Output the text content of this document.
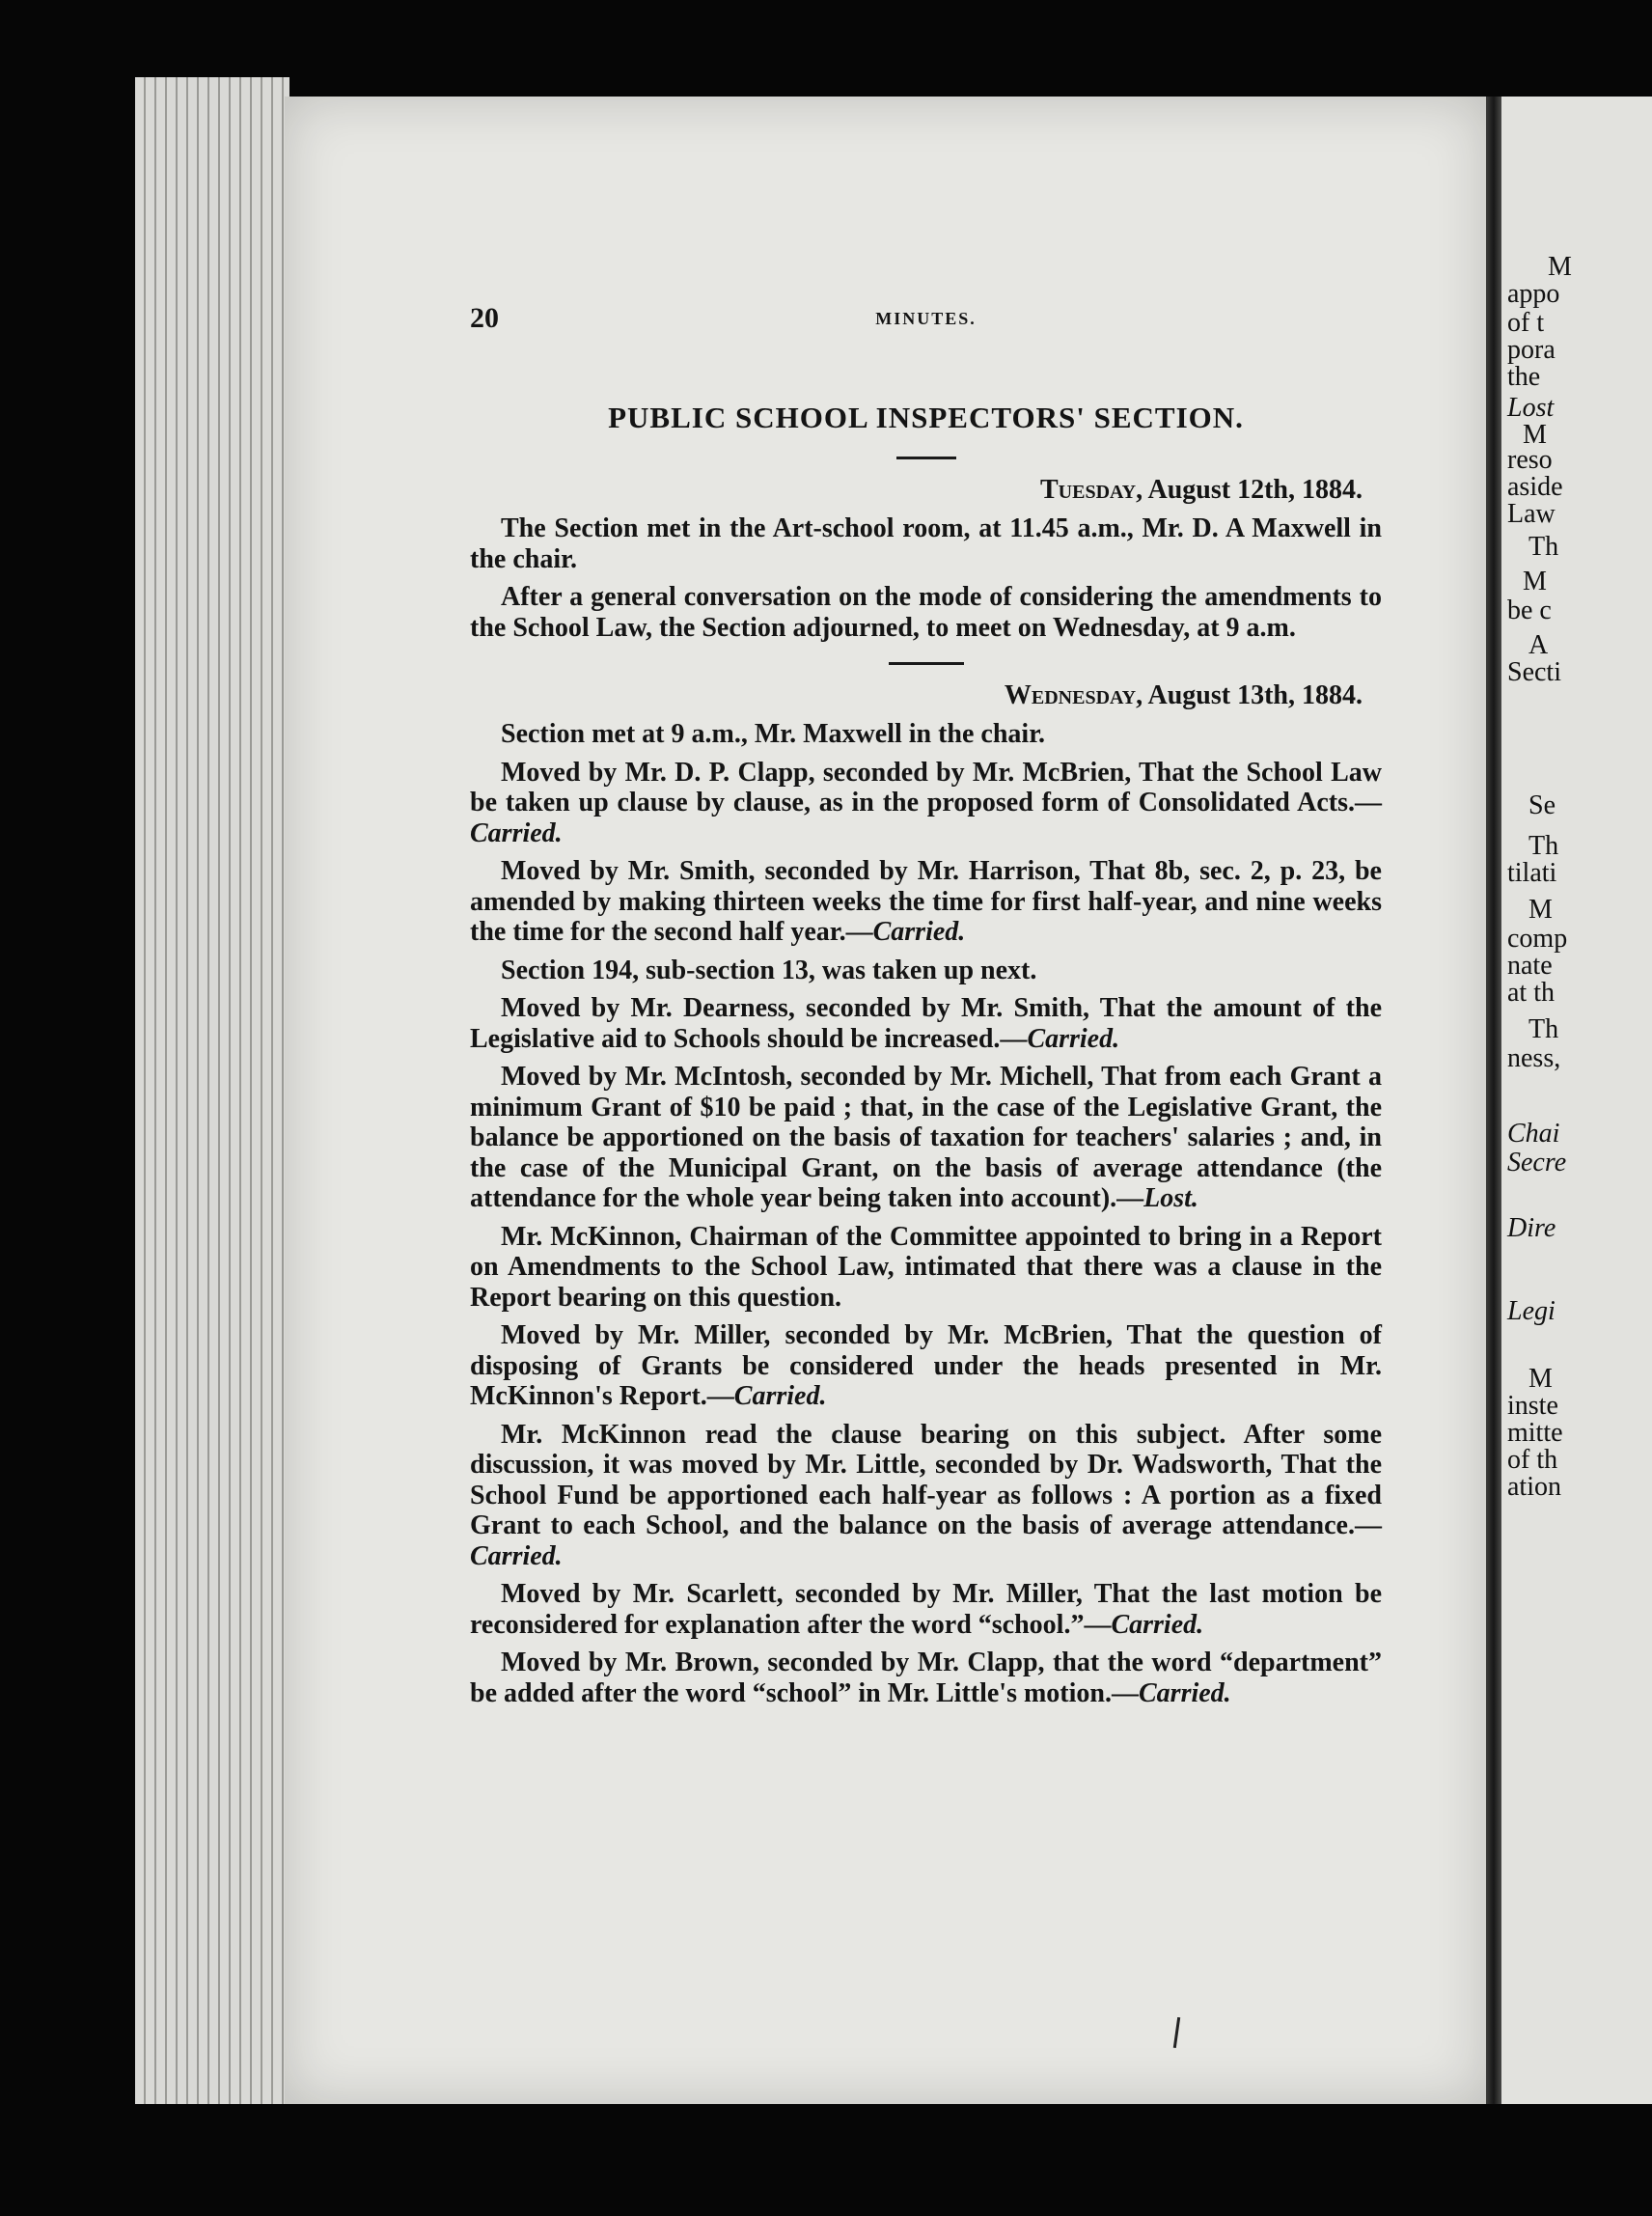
M
appo
of t
pora
the
Lost
M
reso
aside
Law
Th
M
be c
A
Secti
Se
Th
tilati
M
comp
nate
at th
Th
ness,
Chai
Secre
Dire
Legi
M
inste
mitte
of th
ation
20	MINUTES.
PUBLIC SCHOOL INSPECTORS' SECTION.
Tuesday, August 12th, 1884.

The Section met in the Art-school room, at 11.45 a.m., Mr. D. A Maxwell in the chair.

After a general conversation on the mode of considering the amendments to the School Law, the Section adjourned, to meet on Wednesday, at 9 a.m.

Wednesday, August 13th, 1884.

Section met at 9 a.m., Mr. Maxwell in the chair.

Moved by Mr. D. P. Clapp, seconded by Mr. McBrien, That the School Law be taken up clause by clause, as in the proposed form of Consolidated Acts.—Carried.

Moved by Mr. Smith, seconded by Mr. Harrison, That 8b, sec. 2, p. 23, be amended by making thirteen weeks the time for first half-year, and nine weeks the time for the second half year.—Carried.

Section 194, sub-section 13, was taken up next.

Moved by Mr. Dearness, seconded by Mr. Smith, That the amount of the Legislative aid to Schools should be increased.—Carried.

Moved by Mr. McIntosh, seconded by Mr. Michell, That from each Grant a minimum Grant of $10 be paid ; that, in the case of the Legislative Grant, the balance be apportioned on the basis of taxation for teachers' salaries ; and, in the case of the Municipal Grant, on the basis of average attendance (the attendance for the whole year being taken into account).—Lost.

Mr. McKinnon, Chairman of the Committee appointed to bring in a Report on Amendments to the School Law, intimated that there was a clause in the Report bearing on this question.

Moved by Mr. Miller, seconded by Mr. McBrien, That the question of disposing of Grants be considered under the heads presented in Mr. McKinnon's Report.—Carried.

Mr. McKinnon read the clause bearing on this subject. After some discussion, it was moved by Mr. Little, seconded by Dr. Wadsworth, That the School Fund be apportioned each half-year as follows : A portion as a fixed Grant to each School, and the balance on the basis of average attendance.—Carried.

Moved by Mr. Scarlett, seconded by Mr. Miller, That the last motion be reconsidered for explanation after the word “school.”—Carried.

Moved by Mr. Brown, seconded by Mr. Clapp, that the word “department” be added after the word “school” in Mr. Little's motion.—Carried.
